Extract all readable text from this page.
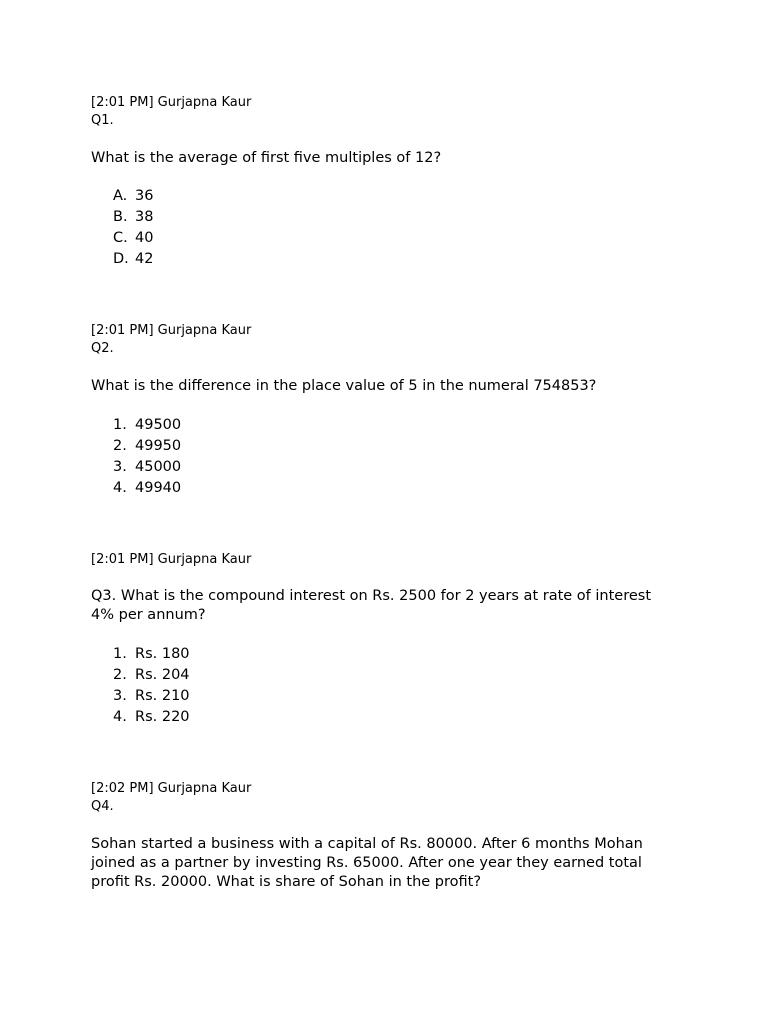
[2:01 PM] Gurjapna Kaur

Q1.

What is the average of first five multiples of 12?

A. 36
B. 38
C. 40
D. 42

[2:01 PM] Gurjapna Kaur

Q2.

What is the difference in the place value of 5 in the numeral 754853?

1. 49500
2. 49950
3. 45000
4. 49940

[2:01 PM] Gurjapna Kaur

Q3. What is the compound interest on Rs. 2500 for 2 years at rate of interest 4% per annum?

1. Rs. 180
2. Rs. 204
3. Rs. 210
4. Rs. 220

[2:02 PM] Gurjapna Kaur

Q4.

Sohan started a business with a capital of Rs. 80000. After 6 months Mohan joined as a partner by investing Rs. 65000. After one year they earned total profit Rs. 20000. What is share of Sohan in the profit?
